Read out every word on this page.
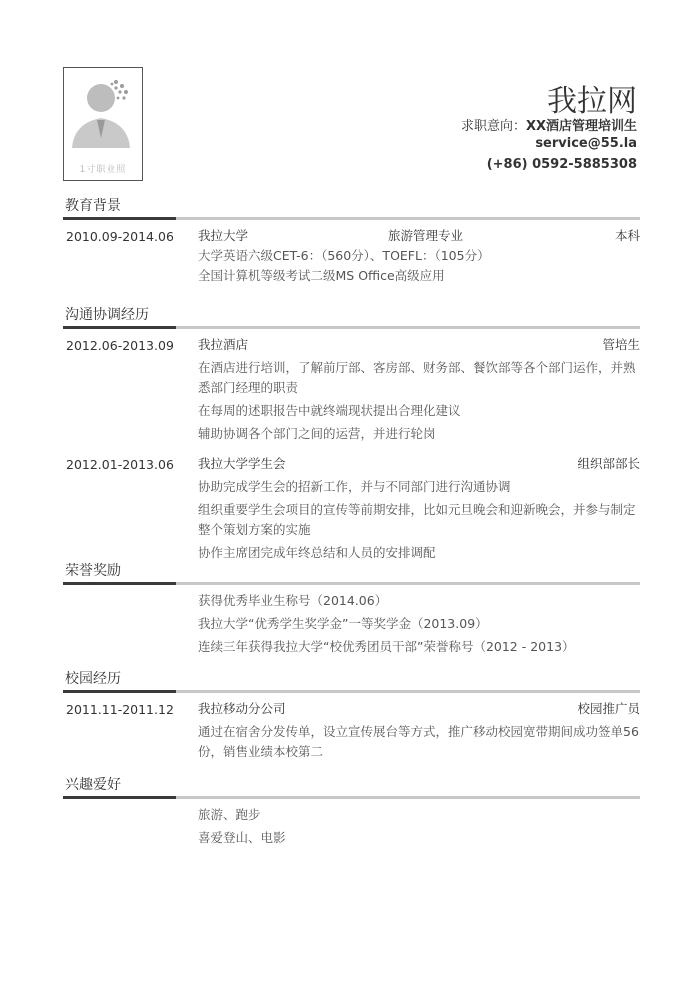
1寸职业照
我拉网
求职意向：XX酒店管理培训生
service@55.la
(+86) 0592-5885308
教育背景
2010.09-2014.06 我拉大学	旅游管理专业	本科
大学英语六级CET-6：（560分）、TOEFL：（105分）
全国计算机等级考试二级MS Office高级应用
沟通协调经历
2012.06-2013.09 我拉酒店	管培生
在酒店进行培训，了解前厅部、客房部、财务部、餐饮部等各个部门运作，并熟
悉部门经理的职责
在每周的述职报告中就终端现状提出合理化建议
辅助协调各个部门之间的运营，并进行轮岗
2012.01-2013.06 我拉大学学生会	组织部部长
协助完成学生会的招新工作，并与不同部门进行沟通协调
组织重要学生会项目的宣传等前期安排，比如元旦晚会和迎新晚会，并参与制定
整个策划方案的实施
协作主席团完成年终总结和人员的安排调配
荣誉奖励
获得优秀毕业生称号（2014.06）
我拉大学“优秀学生奖学金”一等奖学金（2013.09）
连续三年获得我拉大学“校优秀团员干部”荣誉称号（2012 - 2013）
校园经历
2011.11-2011.12 我拉移动分公司	校园推广员
通过在宿舍分发传单，设立宣传展台等方式，推广移动校园宽带期间成功签单56
份，销售业绩本校第二
兴趣爱好
旅游、跑步
喜爱登山、电影
